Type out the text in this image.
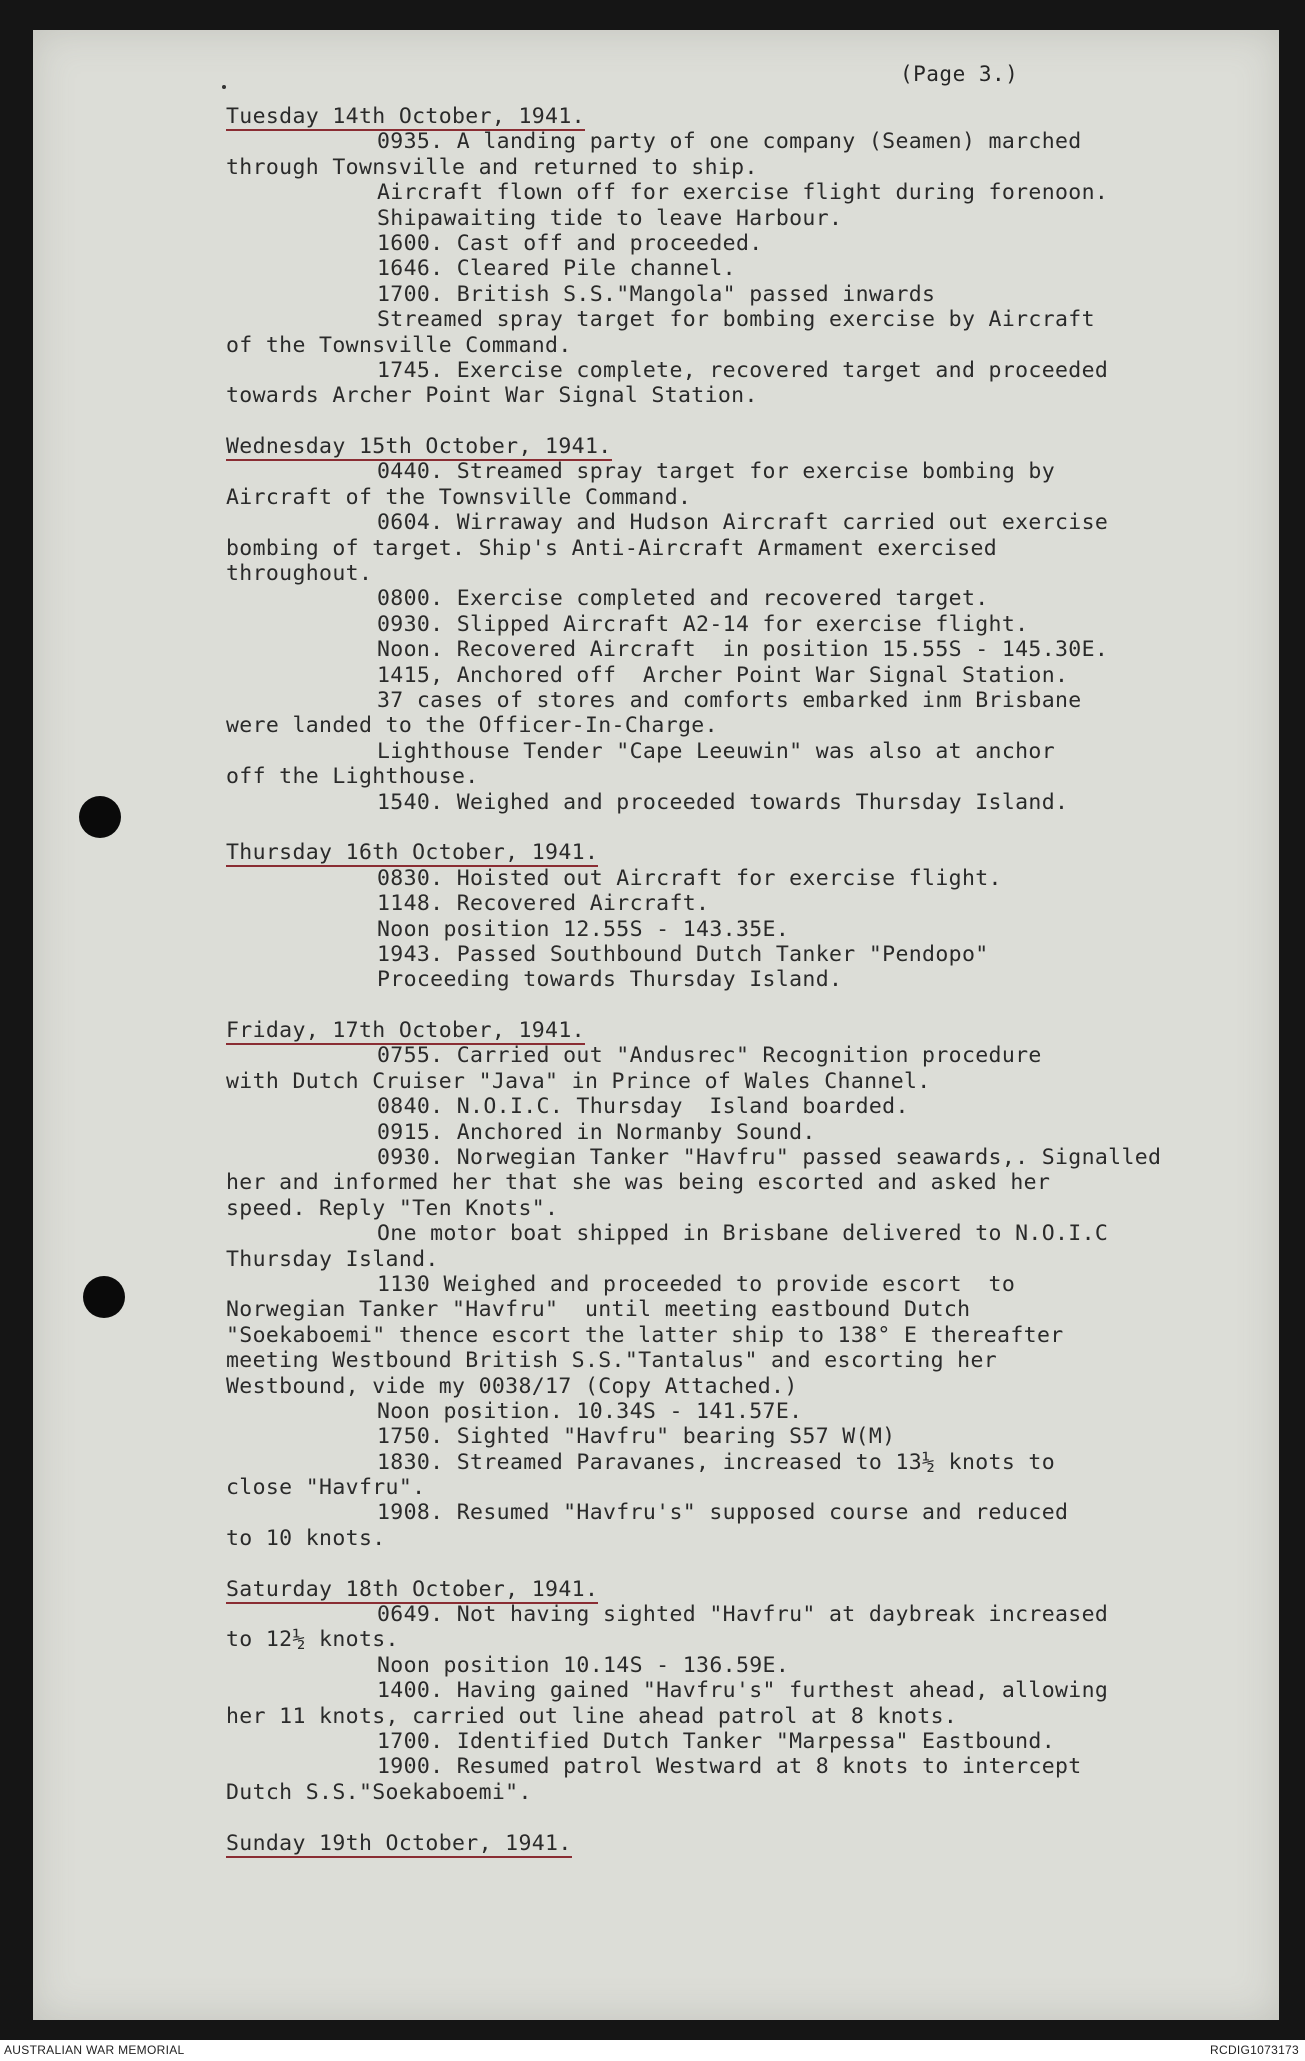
(Page 3.)
Tuesday 14th October, 1941.
0935. A landing party of one company (Seamen) marched
through Townsville and returned to ship.
Aircraft flown off for exercise flight during forenoon.
Shipawaiting tide to leave Harbour.
1600. Cast off and proceeded.
1646. Cleared Pile channel.
1700. British S.S."Mangola" passed inwards
Streamed spray target for bombing exercise by Aircraft
of the Townsville Command.
1745. Exercise complete, recovered target and proceeded
towards Archer Point War Signal Station.
Wednesday 15th October, 1941.
0440. Streamed spray target for exercise bombing by
Aircraft of the Townsville Command.
0604. Wirraway and Hudson Aircraft carried out exercise
bombing of target. Ship's Anti-Aircraft Armament exercised
throughout.
0800. Exercise completed and recovered target.
0930. Slipped Aircraft A2-14 for exercise flight.
Noon. Recovered Aircraft  in position 15.55S - 145.30E.
1415, Anchored off  Archer Point War Signal Station.
37 cases of stores and comforts embarked inm Brisbane
were landed to the Officer-In-Charge.
Lighthouse Tender "Cape Leeuwin" was also at anchor
off the Lighthouse.
1540. Weighed and proceeded towards Thursday Island.
Thursday 16th October, 1941.
0830. Hoisted out Aircraft for exercise flight.
1148. Recovered Aircraft.
Noon position 12.55S - 143.35E.
1943. Passed Southbound Dutch Tanker "Pendopo"
Proceeding towards Thursday Island.
Friday, 17th October, 1941.
0755. Carried out "Andusrec" Recognition procedure
with Dutch Cruiser "Java" in Prince of Wales Channel.
0840. N.O.I.C. Thursday  Island boarded.
0915. Anchored in Normanby Sound.
0930. Norwegian Tanker "Havfru" passed seawards,. Signalled
her and informed her that she was being escorted and asked her
speed. Reply "Ten Knots".
One motor boat shipped in Brisbane delivered to N.O.I.C
Thursday Island.
1130 Weighed and proceeded to provide escort  to
Norwegian Tanker "Havfru"  until meeting eastbound Dutch
"Soekaboemi" thence escort the latter ship to 138° E thereafter
meeting Westbound British S.S."Tantalus" and escorting her
Westbound, vide my 0038/17 (Copy Attached.)
Noon position. 10.34S - 141.57E.
1750. Sighted "Havfru" bearing S57 W(M)
1830. Streamed Paravanes, increased to 13½ knots to
close "Havfru".
1908. Resumed "Havfru's" supposed course and reduced
to 10 knots.
Saturday 18th October, 1941.
0649. Not having sighted "Havfru" at daybreak increased
to 12½ knots.
Noon position 10.14S - 136.59E.
1400. Having gained "Havfru's" furthest ahead, allowing
her 11 knots, carried out line ahead patrol at 8 knots.
1700. Identified Dutch Tanker "Marpessa" Eastbound.
1900. Resumed patrol Westward at 8 knots to intercept
Dutch S.S."Soekaboemi".
Sunday 19th October, 1941.
AUSTRALIAN WAR MEMORIAL	RCDIG1073173
